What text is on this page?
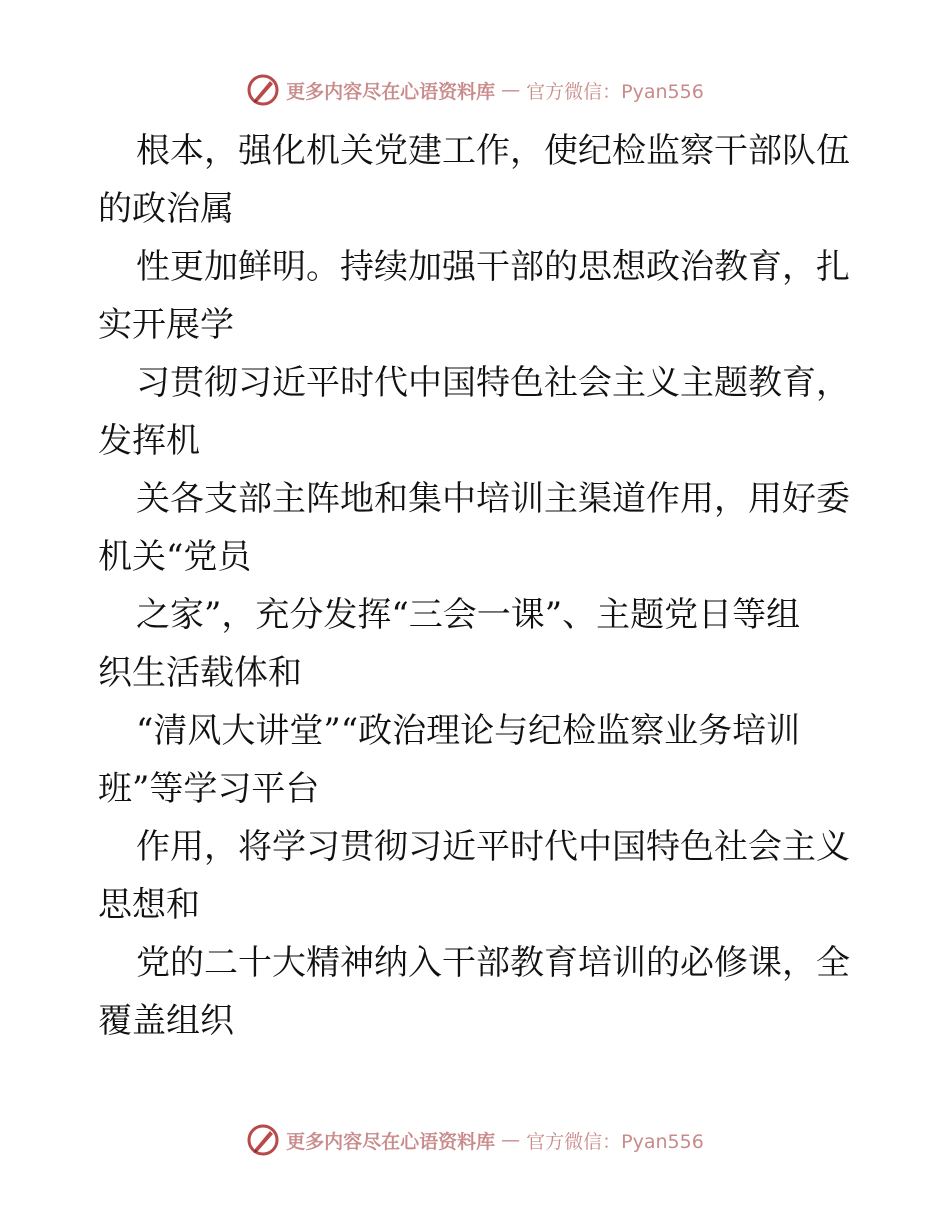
更多内容尽在心语资料库 — 官方微信：Pyan556

根本，强化机关党建工作，使纪检监察干部队伍
的政治属

性更加鲜明。持续加强干部的思想政治教育，扎
实开展学

习贯彻习近平时代中国特色社会主义主题教育，
发挥机

关各支部主阵地和集中培训主渠道作用，用好委
机关“党员

之家”，充分发挥“三会一课”、主题党日等组
织生活载体和

“清风大讲堂”“政治理论与纪检监察业务培训
班”等学习平台

作用，将学习贯彻习近平时代中国特色社会主义
思想和

党的二十大精神纳入干部教育培训的必修课，全
覆盖组织

更多内容尽在心语资料库 — 官方微信：Pyan556
